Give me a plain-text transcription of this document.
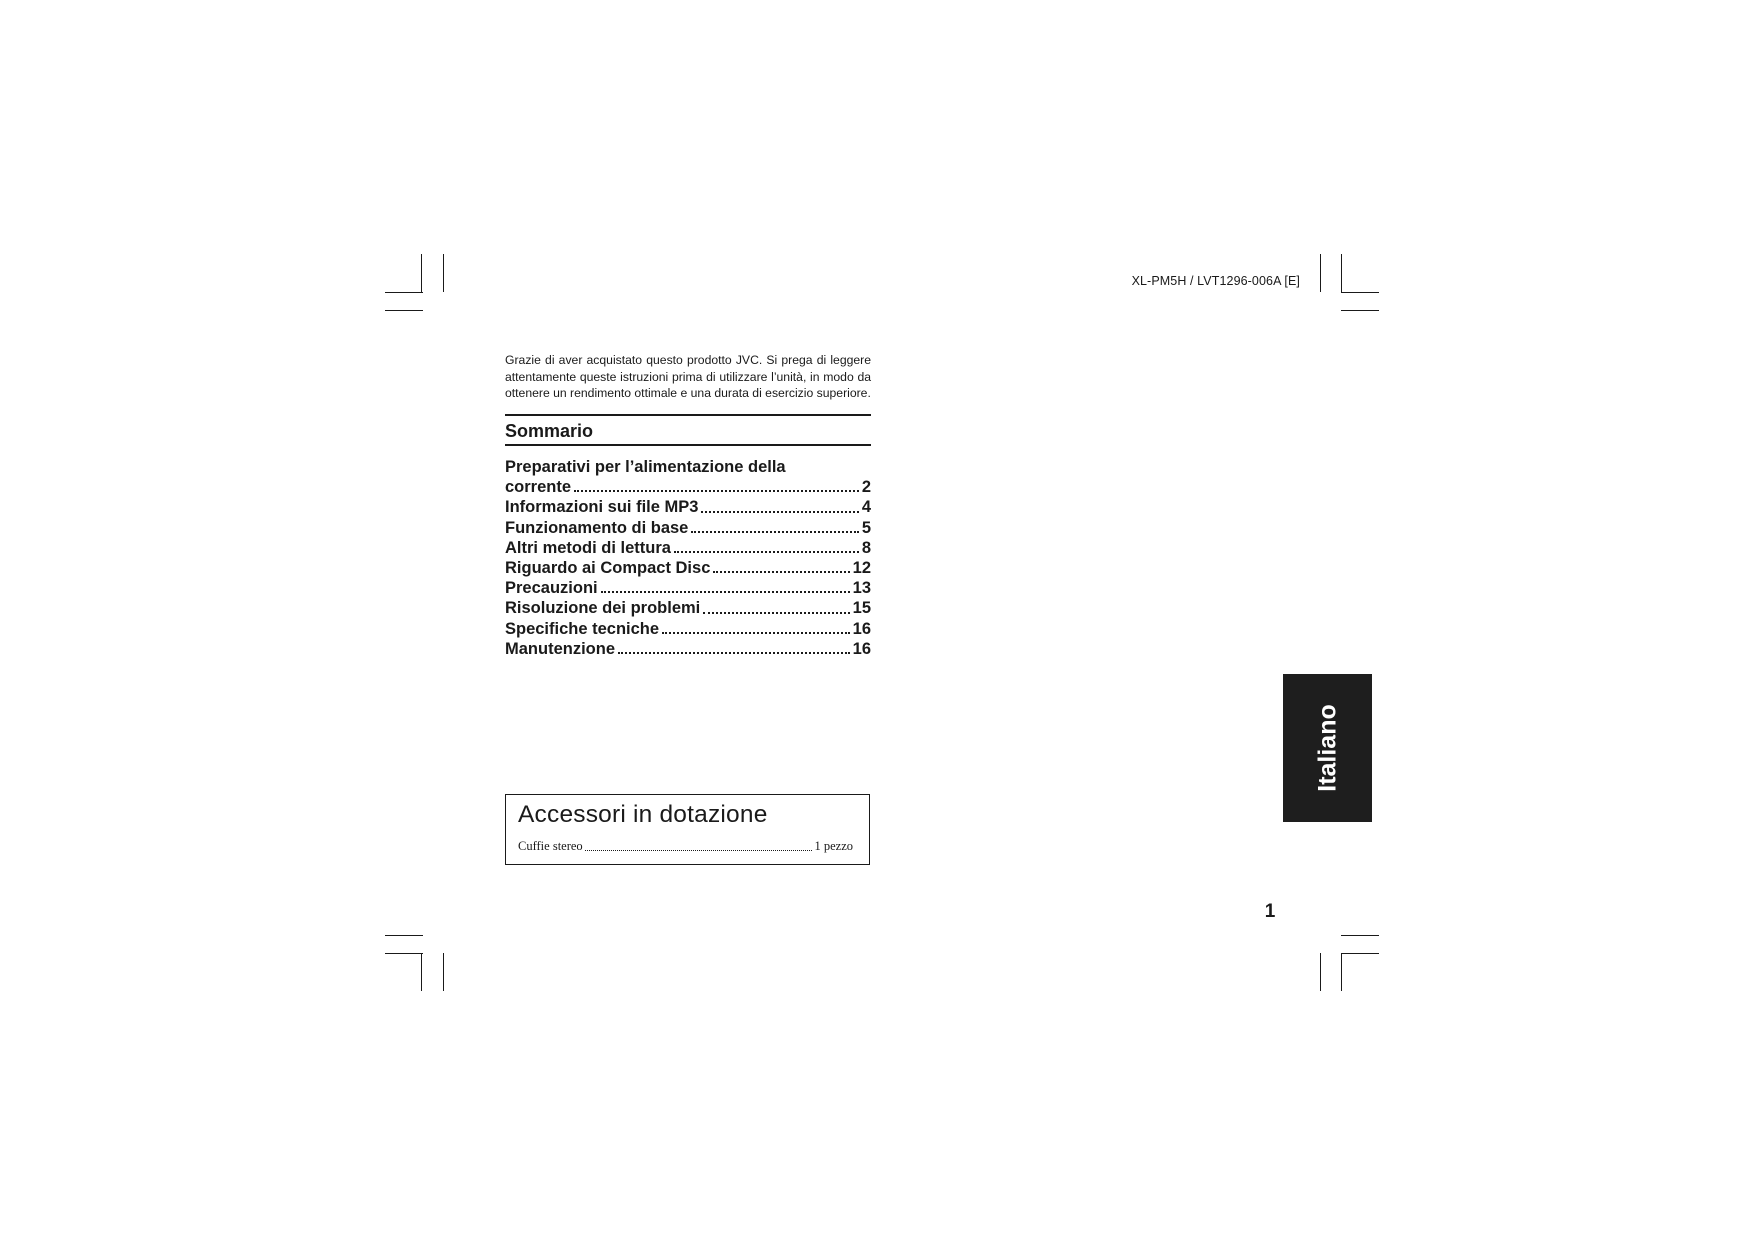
XL-PM5H / LVT1296-006A [E]

Grazie di aver acquistato questo prodotto JVC. Si prega di leggere attentamente queste istruzioni prima di utilizzare l’unità, in modo da ottenere un rendimento ottimale e una durata di esercizio superiore.

Sommario
Preparativi per l’alimentazione della
corrente	2
Informazioni sui file MP3	4
Funzionamento di base	5
Altri metodi di lettura	8
Riguardo ai Compact Disc	12
Precauzioni	13
Risoluzione dei problemi	15
Specifiche tecniche	16
Manutenzione	16
Accessori in dotazione
Cuffie stereo	1 pezzo
Italiano
1
